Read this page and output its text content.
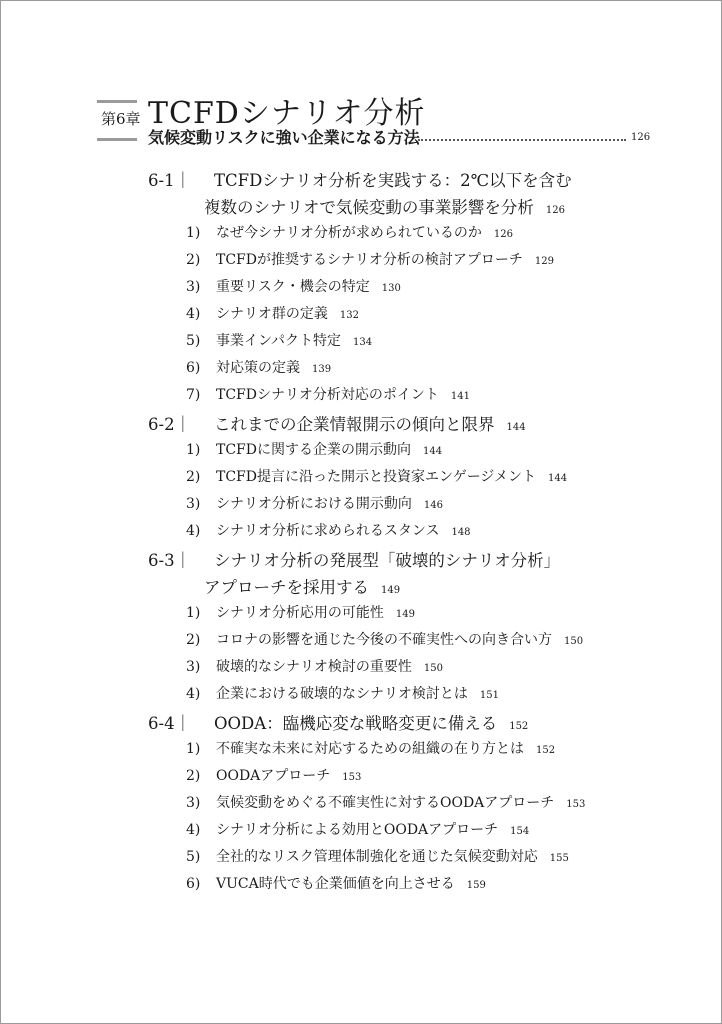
第6章 TCFDシナリオ分析
気候変動リスクに強い企業になる方法	126
6-1｜ TCFDシナリオ分析を実践する：2℃以下を含む
複数のシナリオで気候変動の事業影響を分析 126
1) なぜ今シナリオ分析が求められているのか 126
2) TCFDが推奨するシナリオ分析の検討アプローチ 129
3) 重要リスク・機会の特定 130
4) シナリオ群の定義 132
5) 事業インパクト特定 134
6) 対応策の定義 139
7) TCFDシナリオ分析対応のポイント 141
6-2｜ これまでの企業情報開示の傾向と限界 144
1) TCFDに関する企業の開示動向 144
2) TCFD提言に沿った開示と投資家エンゲージメント 144
3) シナリオ分析における開示動向 146
4) シナリオ分析に求められるスタンス 148
6-3｜ シナリオ分析の発展型「破壊的シナリオ分析」
アプローチを採用する 149
1) シナリオ分析応用の可能性 149
2) コロナの影響を通じた今後の不確実性への向き合い方 150
3) 破壊的なシナリオ検討の重要性 150
4) 企業における破壊的なシナリオ検討とは 151
6-4｜ OODA：臨機応変な戦略変更に備える 152
1) 不確実な未来に対応するための組織の在り方とは 152
2) OODAアプローチ 153
3) 気候変動をめぐる不確実性に対するOODAアプローチ 153
4) シナリオ分析による効用とOODAアプローチ 154
5) 全社的なリスク管理体制強化を通じた気候変動対応 155
6) VUCA時代でも企業価値を向上させる 159
